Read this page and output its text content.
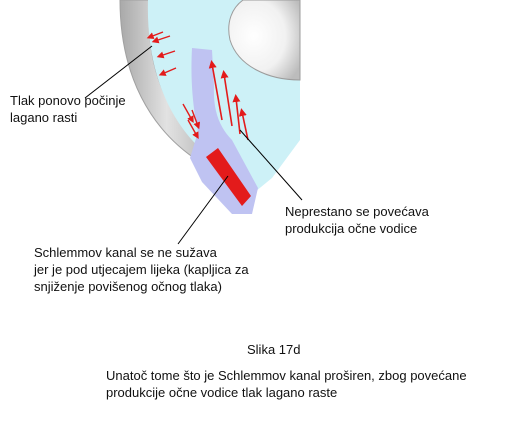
Tlak ponovo počinje
lagano rasti
Neprestano se povećava
produkcija očne vodice
Schlemmov kanal se ne sužava
jer je pod utjecajem lijeka (kapljica za
snjiženje povišenog očnog tlaka)
Slika 17d
Unatoč tome što je Schlemmov kanal proširen, zbog povećane
produkcije očne vodice tlak lagano raste
